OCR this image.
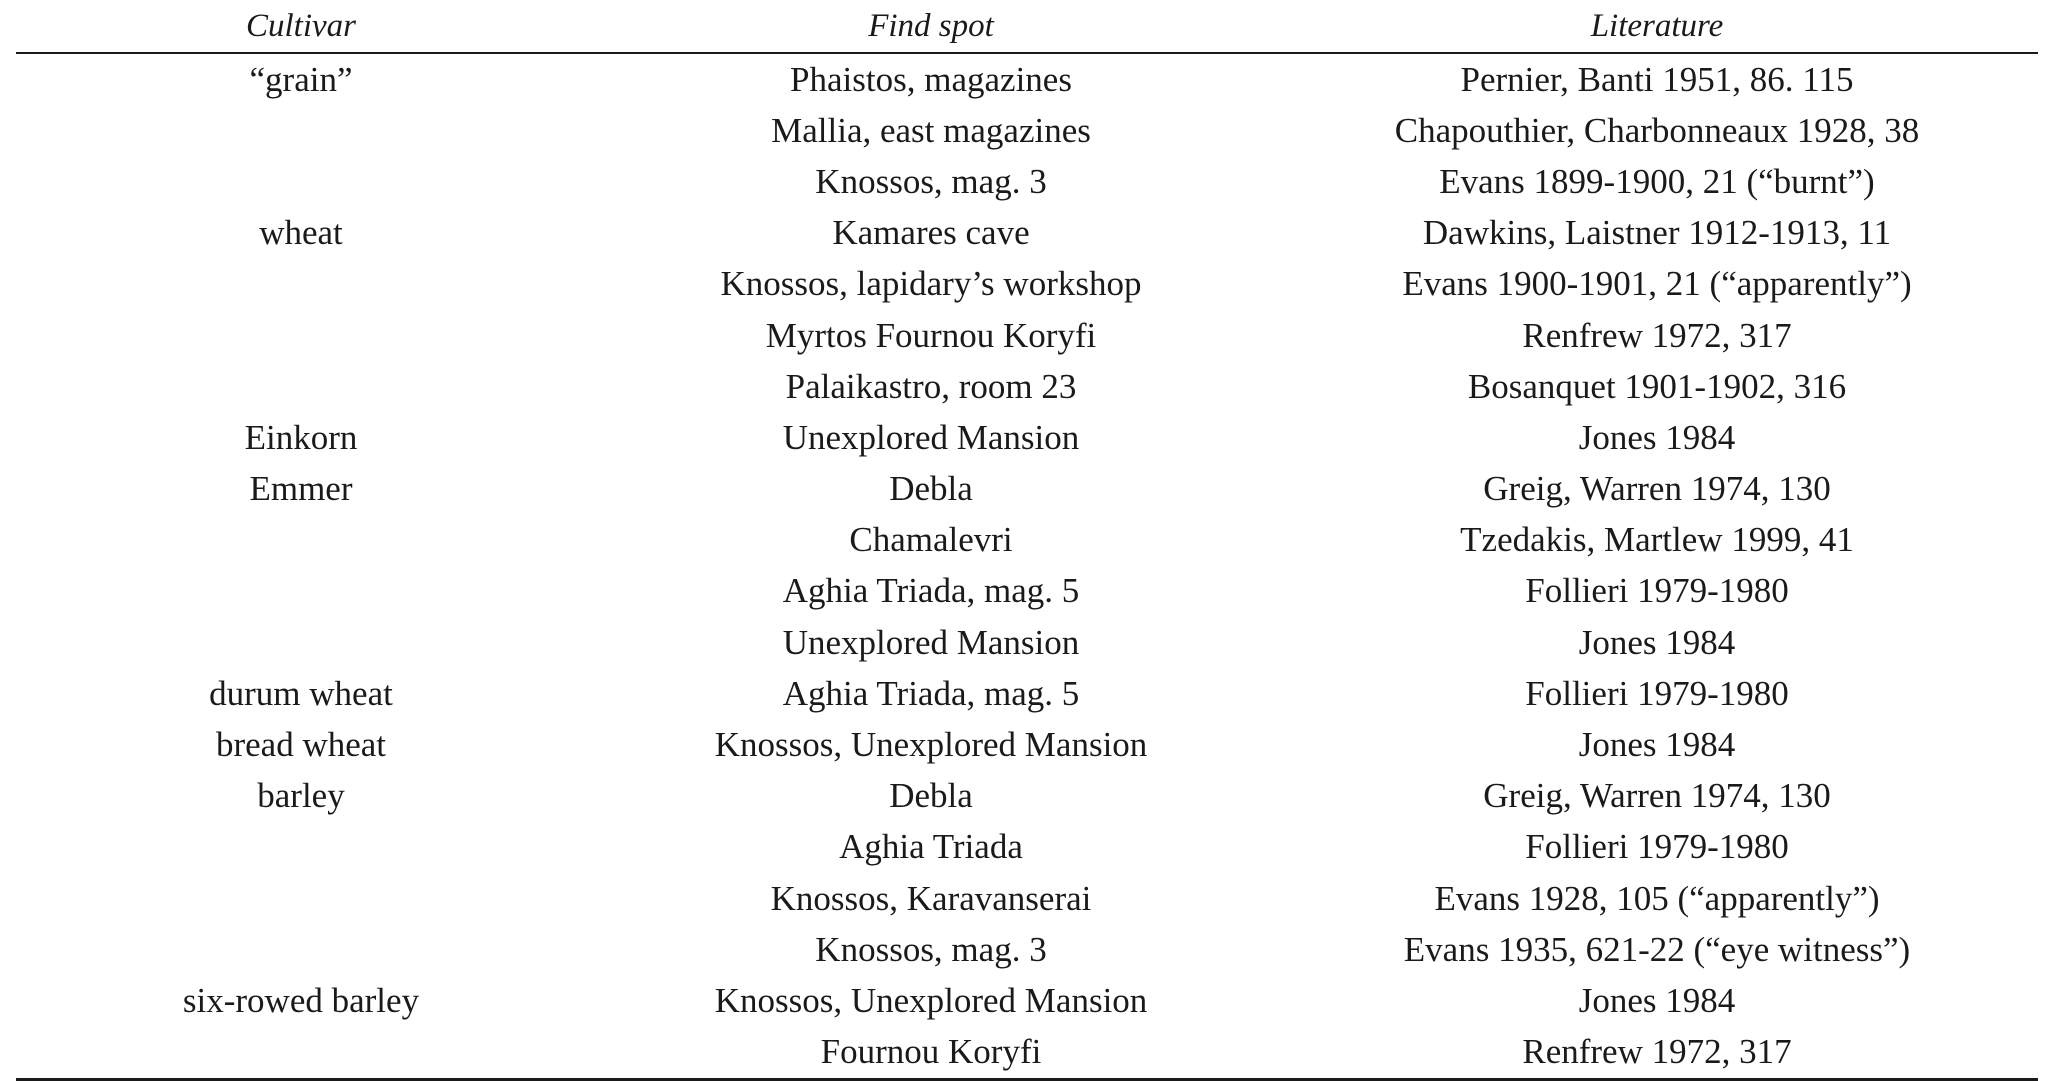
Cultivar	Find spot	Literature
“grain”	Phaistos, magazines	Pernier, Banti 1951, 86. 115
	Mallia, east magazines	Chapouthier, Charbonneaux 1928, 38
	Knossos, mag. 3	Evans 1899-1900, 21 (“burnt”)
wheat	Kamares cave	Dawkins, Laistner 1912-1913, 11
	Knossos, lapidary’s workshop	Evans 1900-1901, 21 (“apparently”)
	Myrtos Fournou Koryfi	Renfrew 1972, 317
	Palaikastro, room 23	Bosanquet 1901-1902, 316
Einkorn	Unexplored Mansion	Jones 1984
Emmer	Debla	Greig, Warren 1974, 130
	Chamalevri	Tzedakis, Martlew 1999, 41
	Aghia Triada, mag. 5	Follieri 1979-1980
	Unexplored Mansion	Jones 1984
durum wheat	Aghia Triada, mag. 5	Follieri 1979-1980
bread wheat	Knossos, Unexplored Mansion	Jones 1984
barley	Debla	Greig, Warren 1974, 130
	Aghia Triada	Follieri 1979-1980
	Knossos, Karavanserai	Evans 1928, 105 (“apparently”)
	Knossos, mag. 3	Evans 1935, 621-22 (“eye witness”)
six-rowed barley	Knossos, Unexplored Mansion	Jones 1984
	Fournou Koryfi	Renfrew 1972, 317
